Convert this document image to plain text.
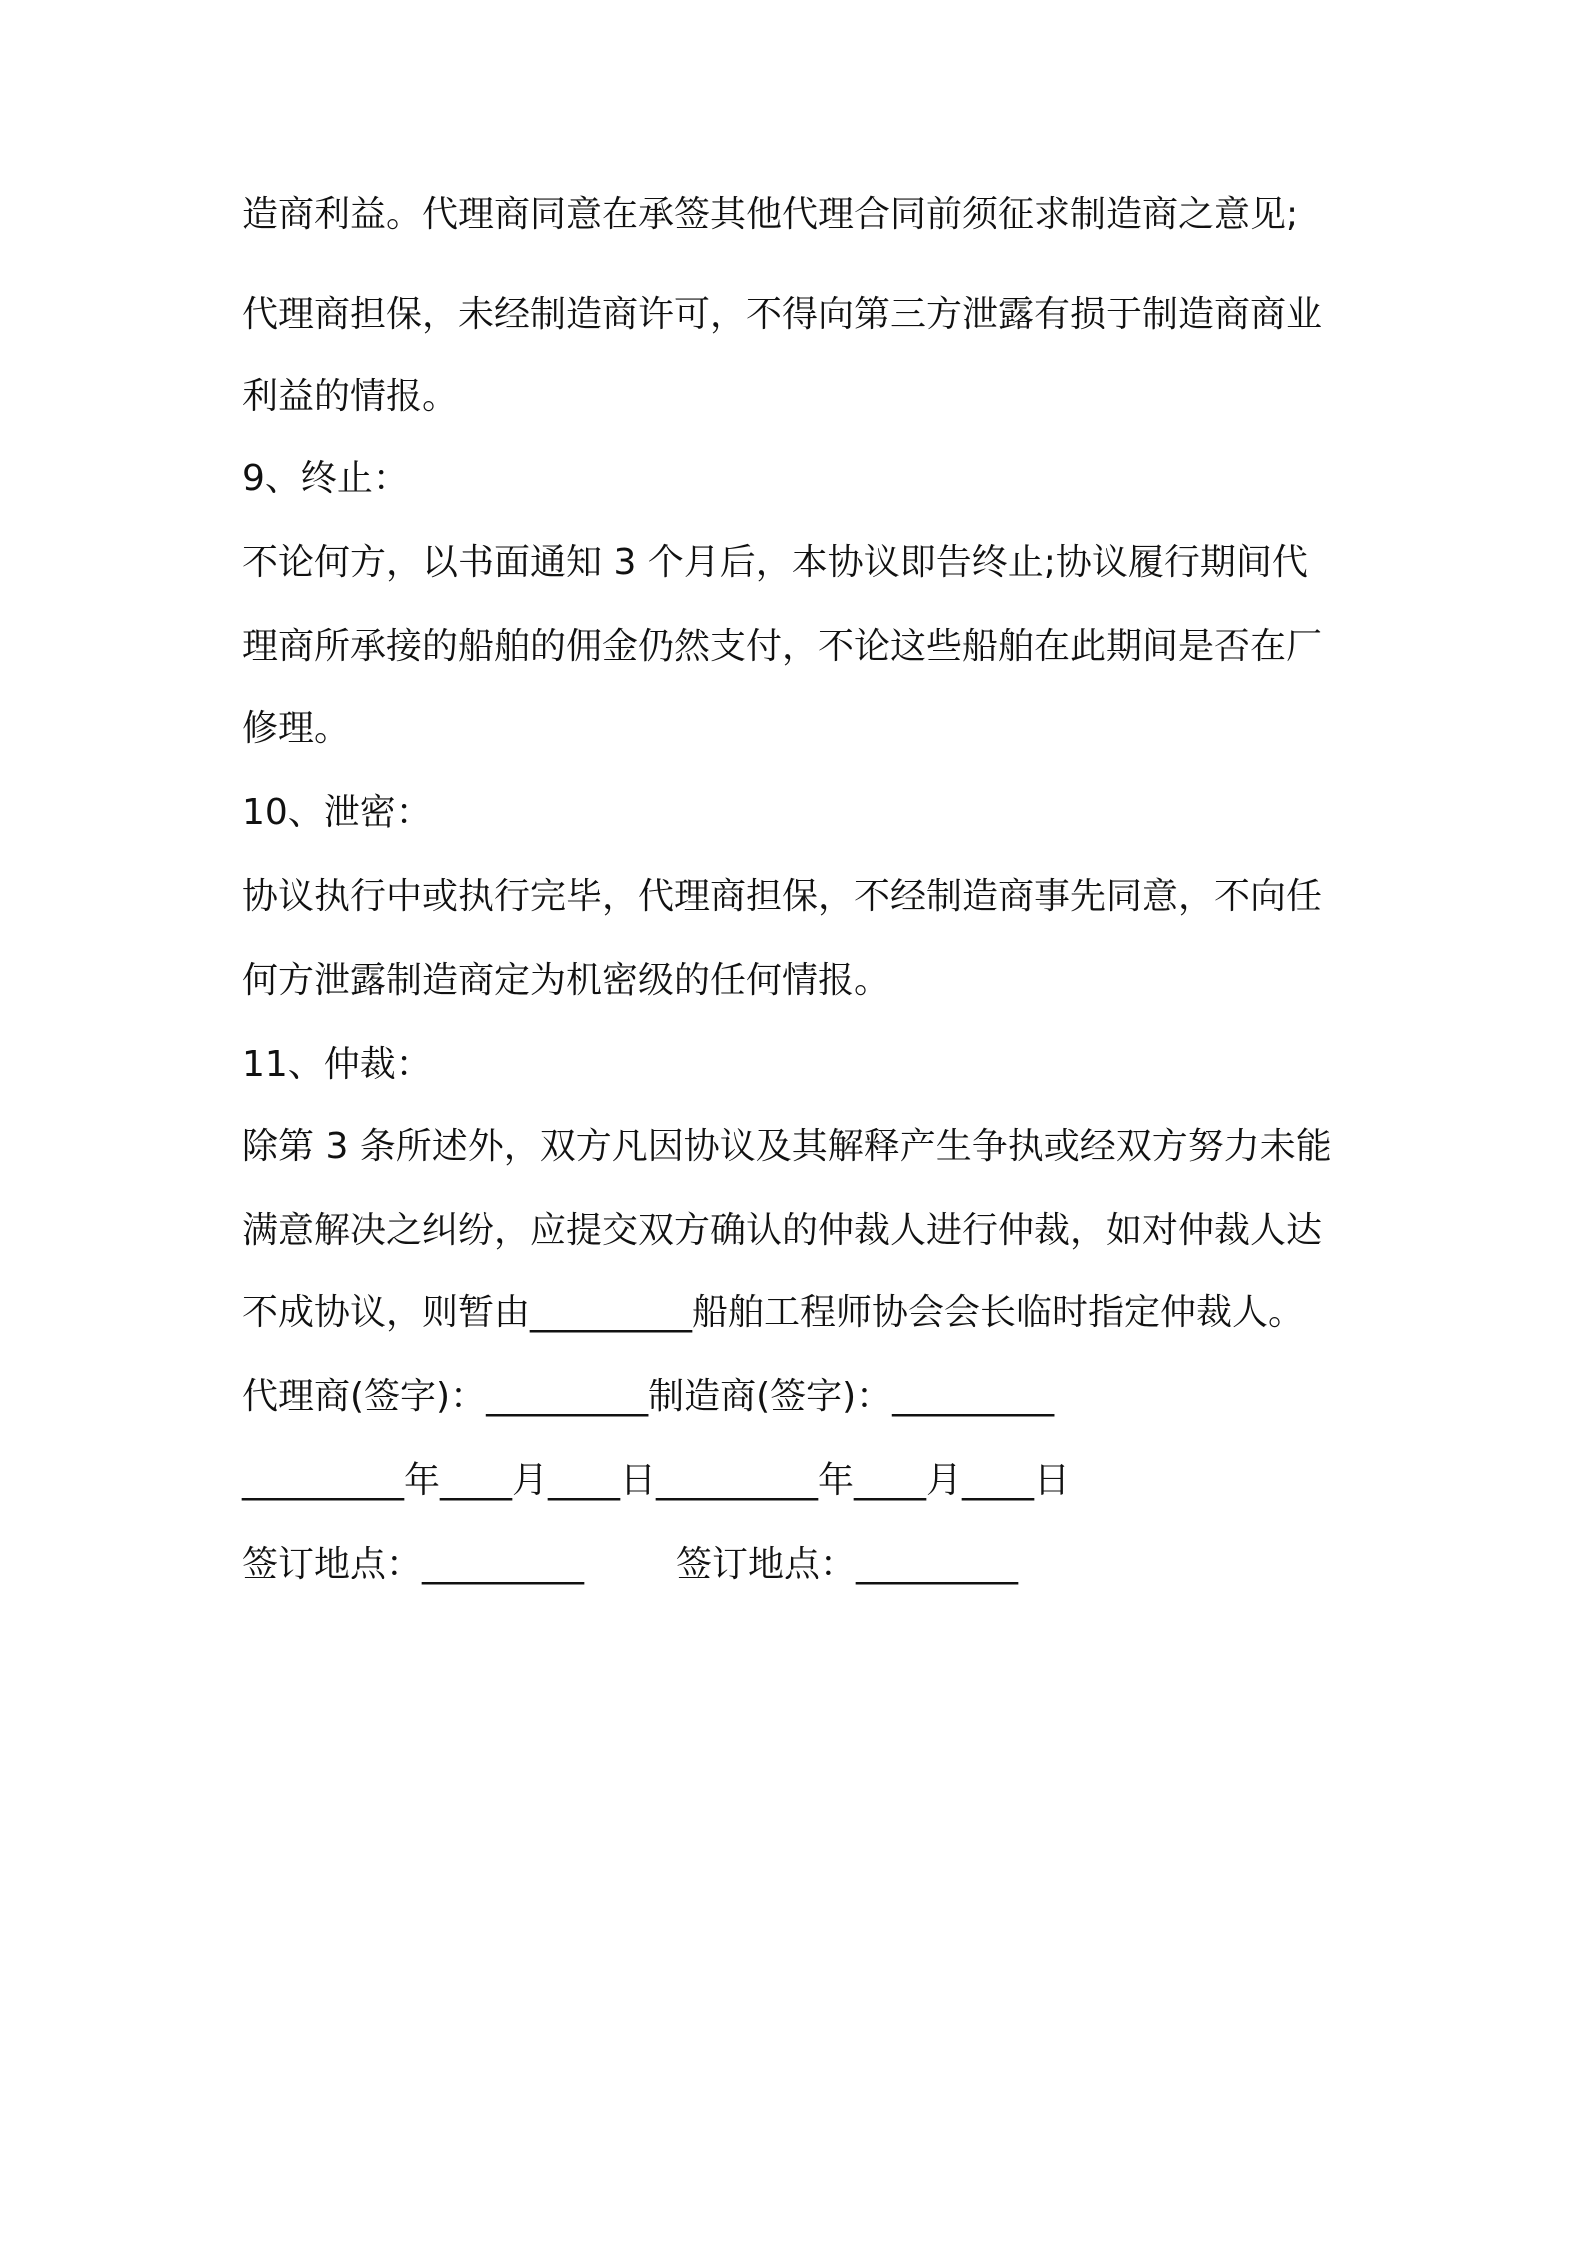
造商利益。代理商同意在承签其他代理合同前须征求制造商之意见;
代理商担保，未经制造商许可，不得向第三方泄露有损于制造商商业
利益的情报。
9、终止：
不论何方，以书面通知 3 个月后，本协议即告终止;协议履行期间代
理商所承接的船舶的佣金仍然支付，不论这些船舶在此期间是否在厂
修理。
10、泄密：
协议执行中或执行完毕，代理商担保，不经制造商事先同意，不向任
何方泄露制造商定为机密级的任何情报。
11、仲裁：
除第 3 条所述外，双方凡因协议及其解释产生争执或经双方努力未能
满意解决之纠纷，应提交双方确认的仲裁人进行仲裁，如对仲裁人达
不成协议，则暂由_________船舶工程师协会会长临时指定仲裁人。
代理商(签字)：_________制造商(签字)：_________
_________年____月____日_________年____月____日
签订地点：_________	签订地点：_________
